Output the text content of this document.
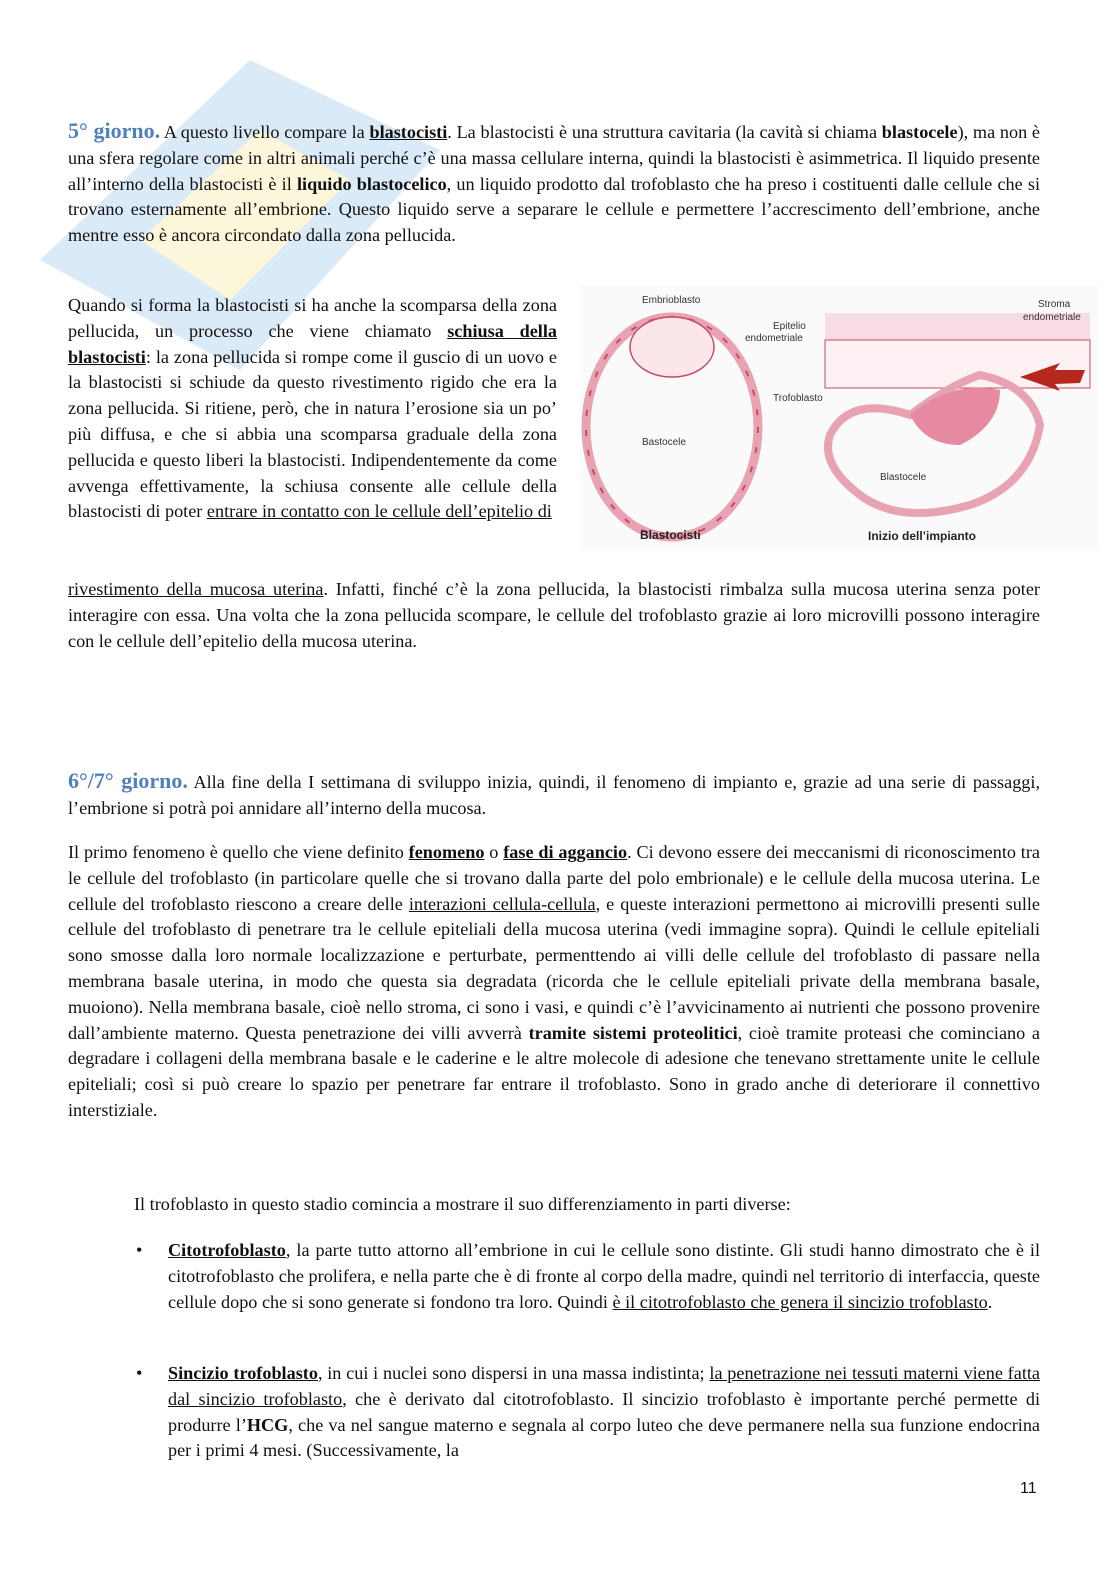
5° giorno. A questo livello compare la blastocisti. La blastocisti è una struttura cavitaria (la cavità si chiama blastocele), ma non è una sfera regolare come in altri animali perché c’è una massa cellulare interna, quindi la blastocisti è asimmetrica. Il liquido presente all’interno della blastocisti è il liquido blastocelico, un liquido prodotto dal trofoblasto che ha preso i costituenti dalle cellule che si trovano esternamente all’embrione. Questo liquido serve a separare le cellule e permettere l’accrescimento dell’embrione, anche mentre esso è ancora circondato dalla zona pellucida.

Quando si forma la blastocisti si ha anche la scomparsa della zona pellucida, un processo che viene chiamato schiusa della blastocisti: la zona pellucida si rompe come il guscio di un uovo e la blastocisti si schiude da questo rivestimento rigido che era la zona pellucida. Si ritiene, però, che in natura l’erosione sia un po’ più diffusa, e che si abbia una scomparsa graduale della zona pellucida e questo liberi la blastocisti. Indipendentemente da come avvenga effettivamente, la schiusa consente alle cellule della blastocisti di poter entrare in contatto con le cellule dell’epitelio di

Embrioblasto
Epitelio
endometriale
Stroma
endometriale
Trofoblasto
Bastocele
Blastocele
Blastocisti	Inizio dell’impianto

rivestimento della mucosa uterina. Infatti, finché c’è la zona pellucida, la blastocisti rimbalza sulla mucosa uterina senza poter interagire con essa. Una volta che la zona pellucida scompare, le cellule del trofoblasto grazie ai loro microvilli possono interagire con le cellule dell’epitelio della mucosa uterina.

6°/7° giorno. Alla fine della I settimana di sviluppo inizia, quindi, il fenomeno di impianto e, grazie ad una serie di passaggi, l’embrione si potrà poi annidare all’interno della mucosa.

Il primo fenomeno è quello che viene definito fenomeno o fase di aggancio. Ci devono essere dei meccanismi di riconoscimento tra le cellule del trofoblasto (in particolare quelle che si trovano dalla parte del polo embrionale) e le cellule della mucosa uterina. Le cellule del trofoblasto riescono a creare delle interazioni cellula-cellula, e queste interazioni permettono ai microvilli presenti sulle cellule del trofoblasto di penetrare tra le cellule epiteliali della mucosa uterina (vedi immagine sopra). Quindi le cellule epiteliali sono smosse dalla loro normale localizzazione e perturbate, permenttendo ai villi delle cellule del trofoblasto di passare nella membrana basale uterina, in modo che questa sia degradata (ricorda che le cellule epiteliali private della membrana basale, muoiono). Nella membrana basale, cioè nello stroma, ci sono i vasi, e quindi c’è l’avvicinamento ai nutrienti che possono provenire dall’ambiente materno. Questa penetrazione dei villi avverrà tramite sistemi proteolitici, cioè tramite proteasi che cominciano a degradare i collageni della membrana basale e le caderine e le altre molecole di adesione che tenevano strettamente unite le cellule epiteliali; così si può creare lo spazio per penetrare far entrare il trofoblasto. Sono in grado anche di deteriorare il connettivo interstiziale.

Il trofoblasto in questo stadio comincia a mostrare il suo differenziamento in parti diverse:

• Citotrofoblasto, la parte tutto attorno all’embrione in cui le cellule sono distinte. Gli studi hanno dimostrato che è il citotrofoblasto che prolifera, e nella parte che è di fronte al corpo della madre, quindi nel territorio di interfaccia, queste cellule dopo che si sono generate si fondono tra loro. Quindi è il citotrofoblasto che genera il sincizio trofoblasto.
• Sincizio trofoblasto, in cui i nuclei sono dispersi in una massa indistinta; la penetrazione nei tessuti materni viene fatta dal sincizio trofoblasto, che è derivato dal citotrofoblasto. Il sincizio trofoblasto è importante perché permette di produrre l’HCG, che va nel sangue materno e segnala al corpo luteo che deve permanere nella sua funzione endocrina per i primi 4 mesi. (Successivamente, la
11
